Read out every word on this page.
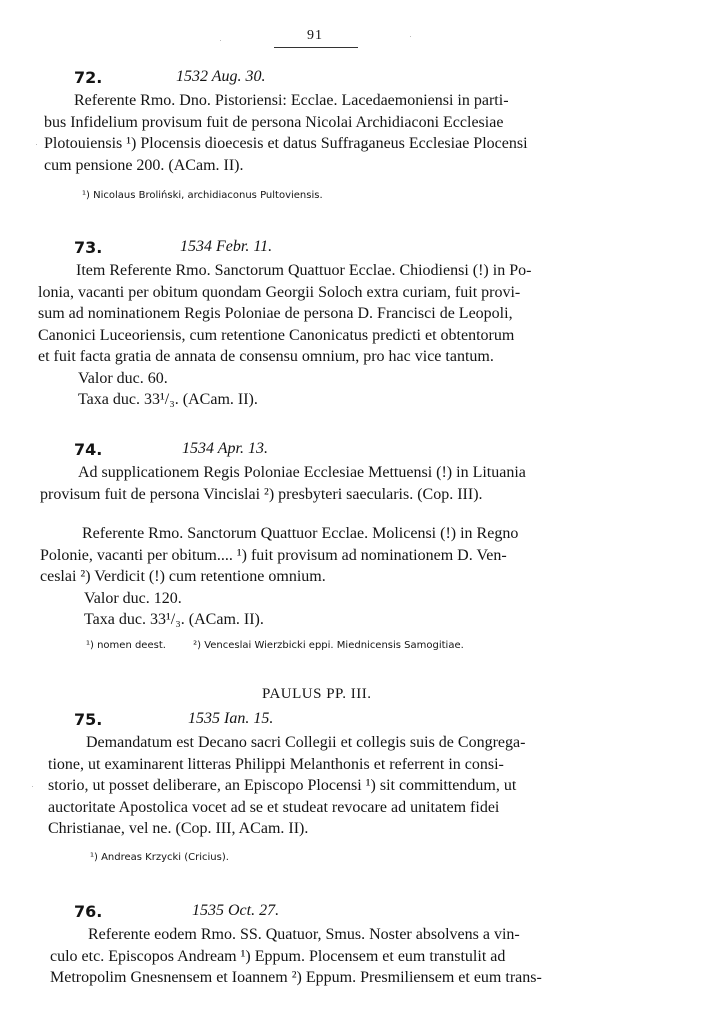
91
72.	1532 Aug. 30.
Referente Rmo. Dno. Pistoriensi: Ecclae. Lacedaemoniensi in parti-
bus Infidelium provisum fuit de persona Nicolai Archidiaconi Ecclesiae
Plotouiensis ¹) Plocensis dioecesis et datus Suffraganeus Ecclesiae Plocensi
cum pensione 200. (ACam. II).
¹) Nicolaus Broliński, archidiaconus Pultoviensis.
73.	1534 Febr. 11.
Item Referente Rmo. Sanctorum Quattuor Ecclae. Chiodiensi (!) in Po-
lonia, vacanti per obitum quondam Georgii Soloch extra curiam, fuit provi-
sum ad nominationem Regis Poloniae de persona D. Francisci de Leopoli,
Canonici Luceoriensis, cum retentione Canonicatus predicti et obtentorum
et fuit facta gratia de annata de consensu omnium, pro hac vice tantum.
Valor duc. 60.
Taxa duc. 33¹/₃. (ACam. II).
74.	1534 Apr. 13.
Ad supplicationem Regis Poloniae Ecclesiae Mettuensi (!) in Lituania
provisum fuit de persona Vincislai ²) presbyteri saecularis. (Cop. III).
Referente Rmo. Sanctorum Quattuor Ecclae. Molicensi (!) in Regno
Polonie, vacanti per obitum.... ¹) fuit provisum ad nominationem D. Ven-
ceslai ²) Verdicit (!) cum retentione omnium.
Valor duc. 120.
Taxa duc. 33¹/₃. (ACam. II).
¹) nomen deest.	²) Venceslai Wierzbicki eppi. Miednicensis Samogitiae.
PAULUS PP. III.
75.	1535 Ian. 15.
Demandatum est Decano sacri Collegii et collegis suis de Congrega-
tione, ut examinarent litteras Philippi Melanthonis et referrent in consi-
storio, ut posset deliberare, an Episcopo Plocensi ¹) sit committendum, ut
auctoritate Apostolica vocet ad se et studeat revocare ad unitatem fidei
Christianae, vel ne. (Cop. III, ACam. II).
¹) Andreas Krzycki (Cricius).
76.	1535 Oct. 27.
Referente eodem Rmo. SS. Quatuor, Smus. Noster absolvens a vin-
culo etc. Episcopos Andream ¹) Eppum. Plocensem et eum transtulit ad
Metropolim Gnesnensem et Ioannem ²) Eppum. Presmiliensem et eum trans-
